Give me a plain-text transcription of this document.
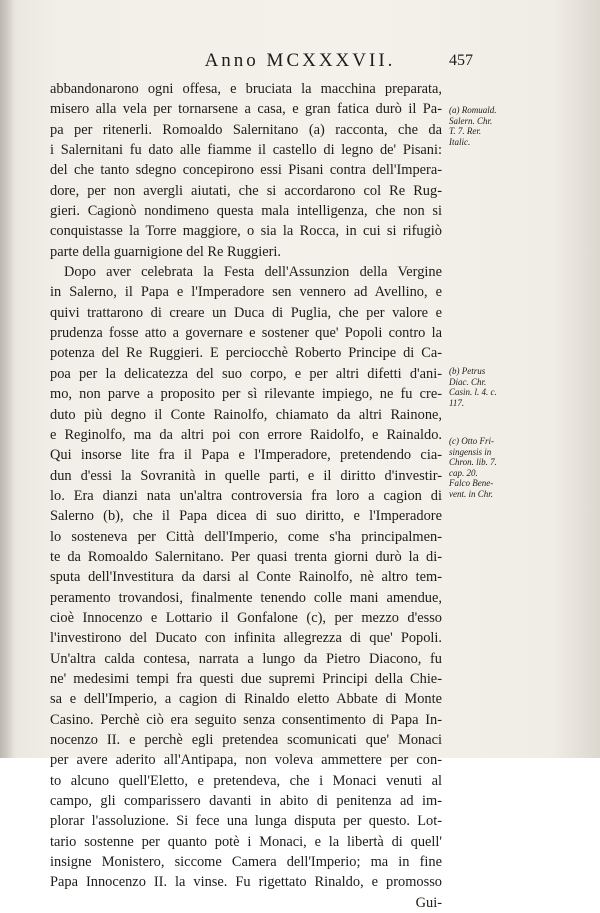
Anno MCXXXVII.	457
abbandonarono ogni offesa, e bruciata la macchina preparata,
misero alla vela per tornarsene a casa, e gran fatica durò il Pa-
pa per ritenerli. Romoaldo Salernitano (a) racconta, che da
i Salernitani fu dato alle fiamme il castello di legno de' Pisani:
del che tanto sdegno concepirono essi Pisani contra dell'Impera-
dore, per non avergli aiutati, che si accordarono col Re Rug-
gieri. Cagionò nondimeno questa mala intelligenza, che non si
conquistasse la Torre maggiore, o sia la Rocca, in cui si rifugiò
parte della guarnigione del Re Ruggieri.
Dopo aver celebrata la Festa dell'Assunzion della Vergine
in Salerno, il Papa e l'Imperadore sen vennero ad Avellino, e
quivi trattarono di creare un Duca di Puglia, che per valore e
prudenza fosse atto a governare e sostener que' Popoli contro la
potenza del Re Ruggieri. E perciocchè Roberto Principe di Ca-
poa per la delicatezza del suo corpo, e per altri difetti d'ani-
mo, non parve a proposito per sì rilevante impiego, ne fu cre-
duto più degno il Conte Rainolfo, chiamato da altri Rainone,
e Reginolfo, ma da altri poi con errore Raidolfo, e Rainaldo.
Qui insorse lite fra il Papa e l'Imperadore, pretendendo cia-
dun d'essi la Sovranità in quelle parti, e il diritto d'investir-
lo. Era dianzi nata un'altra controversia fra loro a cagion di
Salerno (b), che il Papa dicea di suo diritto, e l'Imperadore
lo sosteneva per Città dell'Imperio, come s'ha principalmen-
te da Romoaldo Salernitano. Per quasi trenta giorni durò la di-
sputa dell'Investitura da darsi al Conte Rainolfo, nè altro tem-
peramento trovandosi, finalmente tenendo colle mani amendue,
cioè Innocenzo e Lottario il Gonfalone (c), per mezzo d'esso
l'investirono del Ducato con infinita allegrezza di que' Popoli.
Un'altra calda contesa, narrata a lungo da Pietro Diacono, fu
ne' medesimi tempi fra questi due supremi Principi della Chie-
sa e dell'Imperio, a cagion di Rinaldo eletto Abbate di Monte
Casino. Perchè ciò era seguito senza consentimento di Papa In-
nocenzo II. e perchè egli pretendea scomunicati que' Monaci
per avere aderito all'Antipapa, non voleva ammettere per con-
to alcuno quell'Eletto, e pretendeva, che i Monaci venuti al
campo, gli comparissero davanti in abito di penitenza ad im-
plorar l'assoluzione. Si fece una lunga disputa per questo. Lot-
tario sostenne per quanto potè i Monaci, e la libertà di quell'
insigne Monistero, siccome Camera dell'Imperio; ma in fine
Papa Innocenzo II. la vinse. Fu rigettato Rinaldo, e promosso
Gui-
(a) Romuald.
Salern. Chr.
T. 7. Rer.
Italic.
(b) Petrus
Diac. Chr.
Casin. l. 4. c.
117.
(c) Otto Fri-
singensis in
Chron. lib. 7.
cap. 20.
Falco Bene-
vent. in Chr.
